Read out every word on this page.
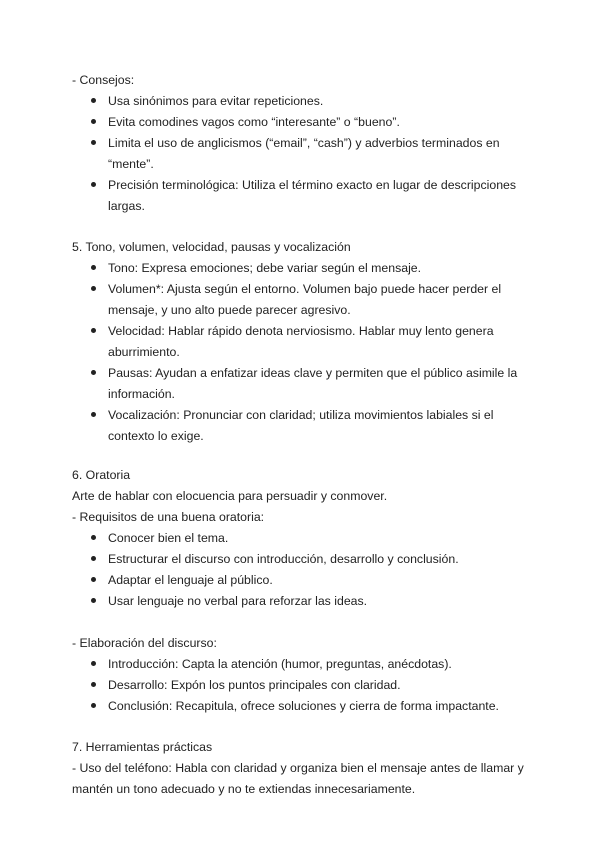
- Consejos:
Usa sinónimos para evitar repeticiones.
Evita comodines vagos como “interesante” o “bueno”.
Limita el uso de anglicismos (“email”, “cash”) y adverbios terminados en
“mente”.
Precisión terminológica: Utiliza el término exacto en lugar de descripciones
largas.
5. Tono, volumen, velocidad, pausas y vocalización
Tono: Expresa emociones; debe variar según el mensaje.
Volumen*: Ajusta según el entorno. Volumen bajo puede hacer perder el
mensaje, y uno alto puede parecer agresivo.
Velocidad: Hablar rápido denota nerviosismo. Hablar muy lento genera
aburrimiento.
Pausas: Ayudan a enfatizar ideas clave y permiten que el público asimile la
información.
Vocalización: Pronunciar con claridad; utiliza movimientos labiales si el
contexto lo exige.
6. Oratoria
Arte de hablar con elocuencia para persuadir y conmover.
- Requisitos de una buena oratoria:
Conocer bien el tema.
Estructurar el discurso con introducción, desarrollo y conclusión.
Adaptar el lenguaje al público.
Usar lenguaje no verbal para reforzar las ideas.
- Elaboración del discurso:
Introducción: Capta la atención (humor, preguntas, anécdotas).
Desarrollo: Expón los puntos principales con claridad.
Conclusión: Recapitula, ofrece soluciones y cierra de forma impactante.
7. Herramientas prácticas
- Uso del teléfono: Habla con claridad y organiza bien el mensaje antes de llamar y
mantén un tono adecuado y no te extiendas innecesariamente.
